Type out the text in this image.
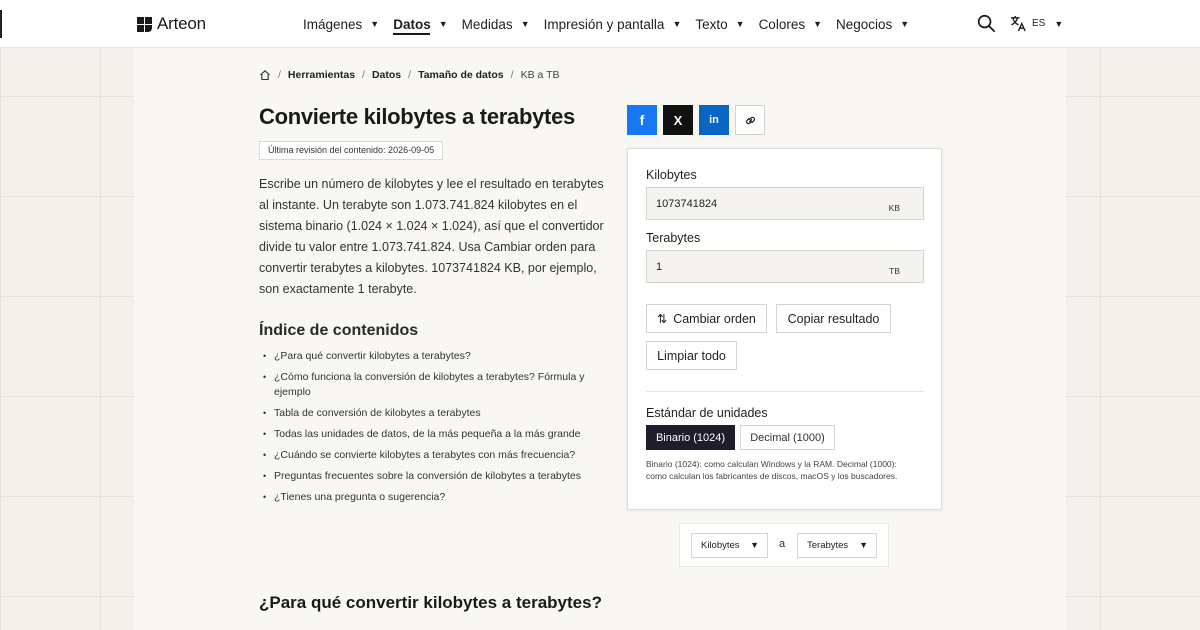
Arteon	Imágenes ▼ Datos ▼ Medidas ▼ Impresión y pantalla ▼ Texto ▼ Colores ▼ Negocios ▼	ES ▼
/ Herramientas / Datos / Tamaño de datos / KB a TB
Convierte kilobytes a terabytes
Última revisión del contenido: 2026-09-05

Escribe un número de kilobytes y lee el resultado en terabytes al instante. Un terabyte son 1.073.741.824 kilobytes en el sistema binario (1.024 × 1.024 × 1.024), así que el convertidor divide tu valor entre 1.073.741.824. Usa Cambiar orden para convertir terabytes a kilobytes. 1073741824 KB, por ejemplo, son exactamente 1 terabyte.

Índice de contenidos
• ¿Para qué convertir kilobytes a terabytes?
• ¿Cómo funciona la conversión de kilobytes a terabytes? Fórmula y ejemplo
• Tabla de conversión de kilobytes a terabytes
• Todas las unidades de datos, de la más pequeña a la más grande
• ¿Cuándo se convierte kilobytes a terabytes con más frecuencia?
• Preguntas frecuentes sobre la conversión de kilobytes a terabytes
• ¿Tienes una pregunta o sugerencia?
¿Para qué convertir kilobytes a terabytes?
f X in
Kilobytes
1073741824
KB
Terabytes
1
TB
⇅ Cambiar orden	Copiar resultado
Limpiar todo
Estándar de unidades
Binario (1024) Decimal (1000)

Binario (1024): como calculan Windows y la RAM. Decimal (1000): como calculan los fabricantes de discos, macOS y los buscadores.

Kilobytes ▼ a Terabytes ▼
